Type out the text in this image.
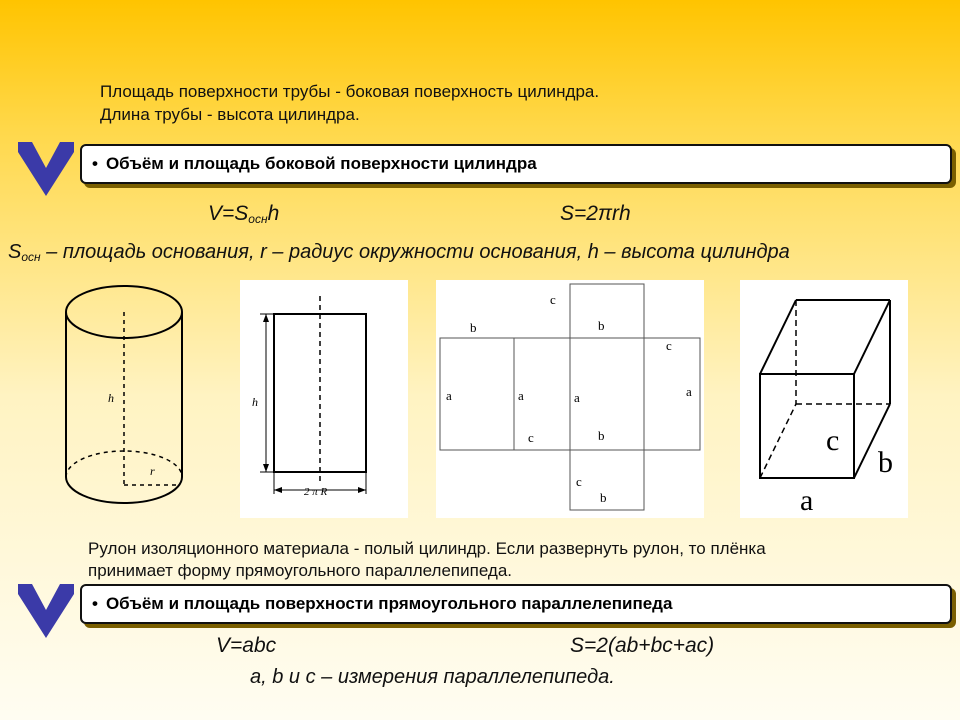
Площадь поверхности трубы - боковая поверхность цилиндра.
Длина трубы - высота цилиндра.
• Объём и площадь боковой поверхности цилиндра
$V=S_{осн}h$	S=2πrh
$S_{осн}$ – площадь основания, r – радиус окружности основания, h – высота цилиндра
h
r
h
2 π R
c
b	b
c
a	a	a	a
c	b
c
b
c
b
a
Рулон изоляционного материала - полый цилиндр. Если развернуть рулон, то плёнка
принимает форму прямоугольного параллелепипеда.
• Объём и площадь поверхности прямоугольного параллелепипеда
V=abc	S=2(ab+bc+ac)
a, b и c – измерения параллелепипеда.
